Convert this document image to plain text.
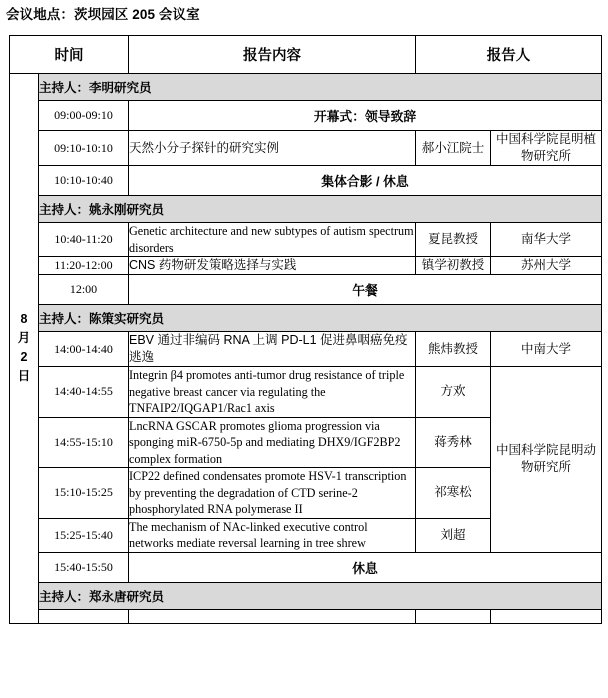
会议地点：茨坝园区 205 会议室
时间		报告内容	报告人	

8
月
2
日	主持人：李明研究员			
	09:00-09:10	开幕式：领导致辞		
	09:10-10:10	天然小分子探针的研究实例	郝小江院士	中国科学院昆明植物研究所
	10:10-10:40	集体合影 / 休息		
	主持人：姚永刚研究员			
	10:40-11:20	Genetic architecture and new subtypes of autism spectrum disorders	夏昆教授	南华大学
	11:20-12:00	CNS 药物研发策略选择与实践	镇学初教授	苏州大学
	12:00	午餐		
	主持人：陈策实研究员			
	14:00-14:40	EBV 通过非编码 RNA 上调 PD-L1 促进鼻咽癌免疫逃逸	熊炜教授	中南大学
	14:40-14:55	Integrin β4 promotes anti-tumor drug resistance of triple negative breast cancer via regulating the TNFAIP2/IQGAP1/Rac1 axis	方欢	中国科学院昆明动物研究所
	14:55-15:10	LncRNA GSCAR promotes glioma progression via sponging miR-6750-5p and mediating DHX9/IGF2BP2 complex formation	蒋秀林	
	15:10-15:25	ICP22 defined condensates promote HSV-1 transcription by preventing the degradation of CTD serine-2 phosphorylated RNA polymerase II	祁寒松	
	15:25-15:40	The mechanism of NAc-linked executive control networks mediate reversal learning in tree shrew	刘超	
	15:40-15:50	休息		
	主持人：郑永唐研究员			
